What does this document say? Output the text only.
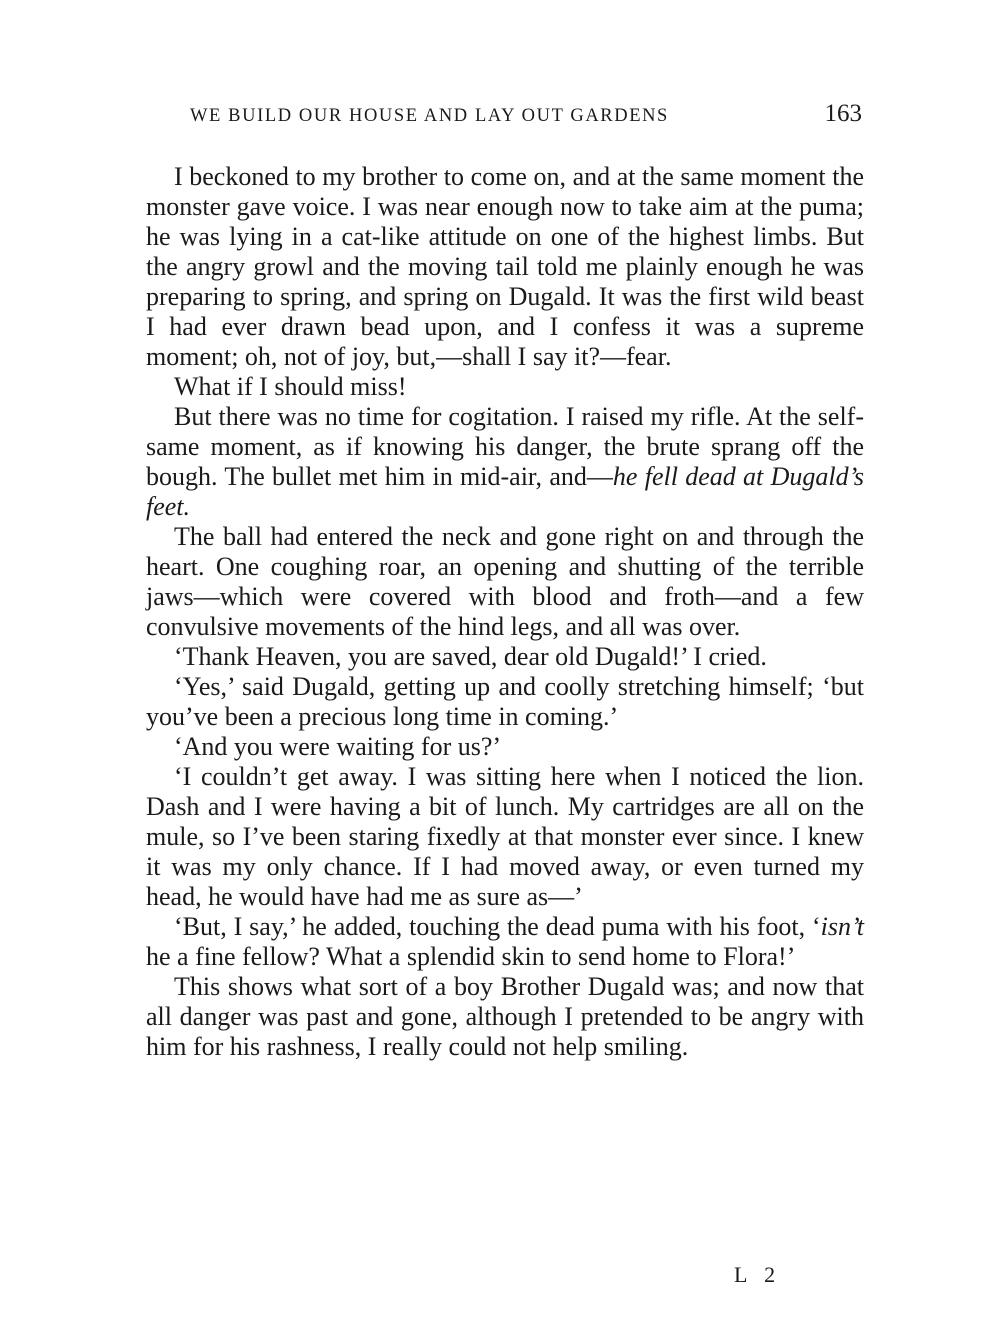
WE BUILD OUR HOUSE AND LAY OUT GARDENS	163

I beckoned to my brother to come on, and at the same moment the monster gave voice. I was near enough now to take aim at the puma; he was lying in a cat-like attitude on one of the highest limbs. But the angry growl and the moving tail told me plainly enough he was preparing to spring, and spring on Dugald. It was the first wild beast I had ever drawn bead upon, and I confess it was a supreme moment; oh, not of joy, but,—shall I say it?—fear.

What if I should miss!

But there was no time for cogitation. I raised my rifle. At the self-same moment, as if knowing his danger, the brute sprang off the bough. The bullet met him in mid-air, and—he fell dead at Dugald’s feet.

The ball had entered the neck and gone right on and through the heart. One coughing roar, an opening and shutting of the terrible jaws—which were covered with blood and froth—and a few convulsive movements of the hind legs, and all was over.

‘Thank Heaven, you are saved, dear old Dugald!’ I cried.

‘Yes,’ said Dugald, getting up and coolly stretching himself; ‘but you’ve been a precious long time in coming.’

‘And you were waiting for us?’

‘I couldn’t get away. I was sitting here when I noticed the lion. Dash and I were having a bit of lunch. My cartridges are all on the mule, so I’ve been staring fixedly at that monster ever since. I knew it was my only chance. If I had moved away, or even turned my head, he would have had me as sure as—’

‘But, I say,’ he added, touching the dead puma with his foot, ‘isn’t he a fine fellow? What a splendid skin to send home to Flora!’

This shows what sort of a boy Brother Dugald was; and now that all danger was past and gone, although I pretended to be angry with him for his rashness, I really could not help smiling.

L 2
